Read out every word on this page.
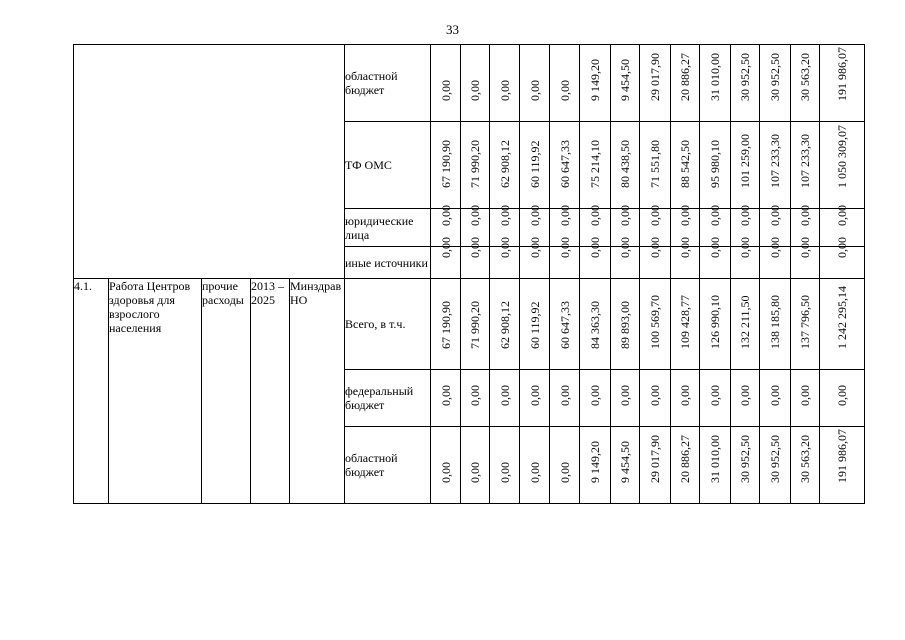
33
					областной бюджет	0,00	0,00	0,00	0,00	0,00	9 149,20	9 454,50	29 017,90	20 886,27	31 010,00	30 952,50	30 952,50	30 563,20	191 986,07

					ТФ ОМС	67 190,90	71 990,20	62 908,12	60 119,92	60 647,33	75 214,10	80 438,50	71 551,80	88 542,50	95 980,10	101 259,00	107 233,30	107 233,30	1 050 309,07

					юридические лица	0,00	0,00	0,00	0,00	0,00	0,00	0,00	0,00	0,00	0,00	0,00	0,00	0,00	0,00

					иные источники	0,00	0,00	0,00	0,00	0,00	0,00	0,00	0,00	0,00	0,00	0,00	0,00	0,00	0,00

4.1.	Работа Центров здоровья для взрослого населения	прочие расходы	2013 – 2025	Минздрав НО	Всего, в т.ч.	67 190,90	71 990,20	62 908,12	60 119,92	60 647,33	84 363,30	89 893,00	100 569,70	109 428,77	126 990,10	132 211,50	138 185,80	137 796,50	1 242 295,14

					федеральный бюджет	0,00	0,00	0,00	0,00	0,00	0,00	0,00	0,00	0,00	0,00	0,00	0,00	0,00	0,00

					областной бюджет	0,00	0,00	0,00	0,00	0,00	9 149,20	9 454,50	29 017,90	20 886,27	31 010,00	30 952,50	30 952,50	30 563,20	191 986,07
